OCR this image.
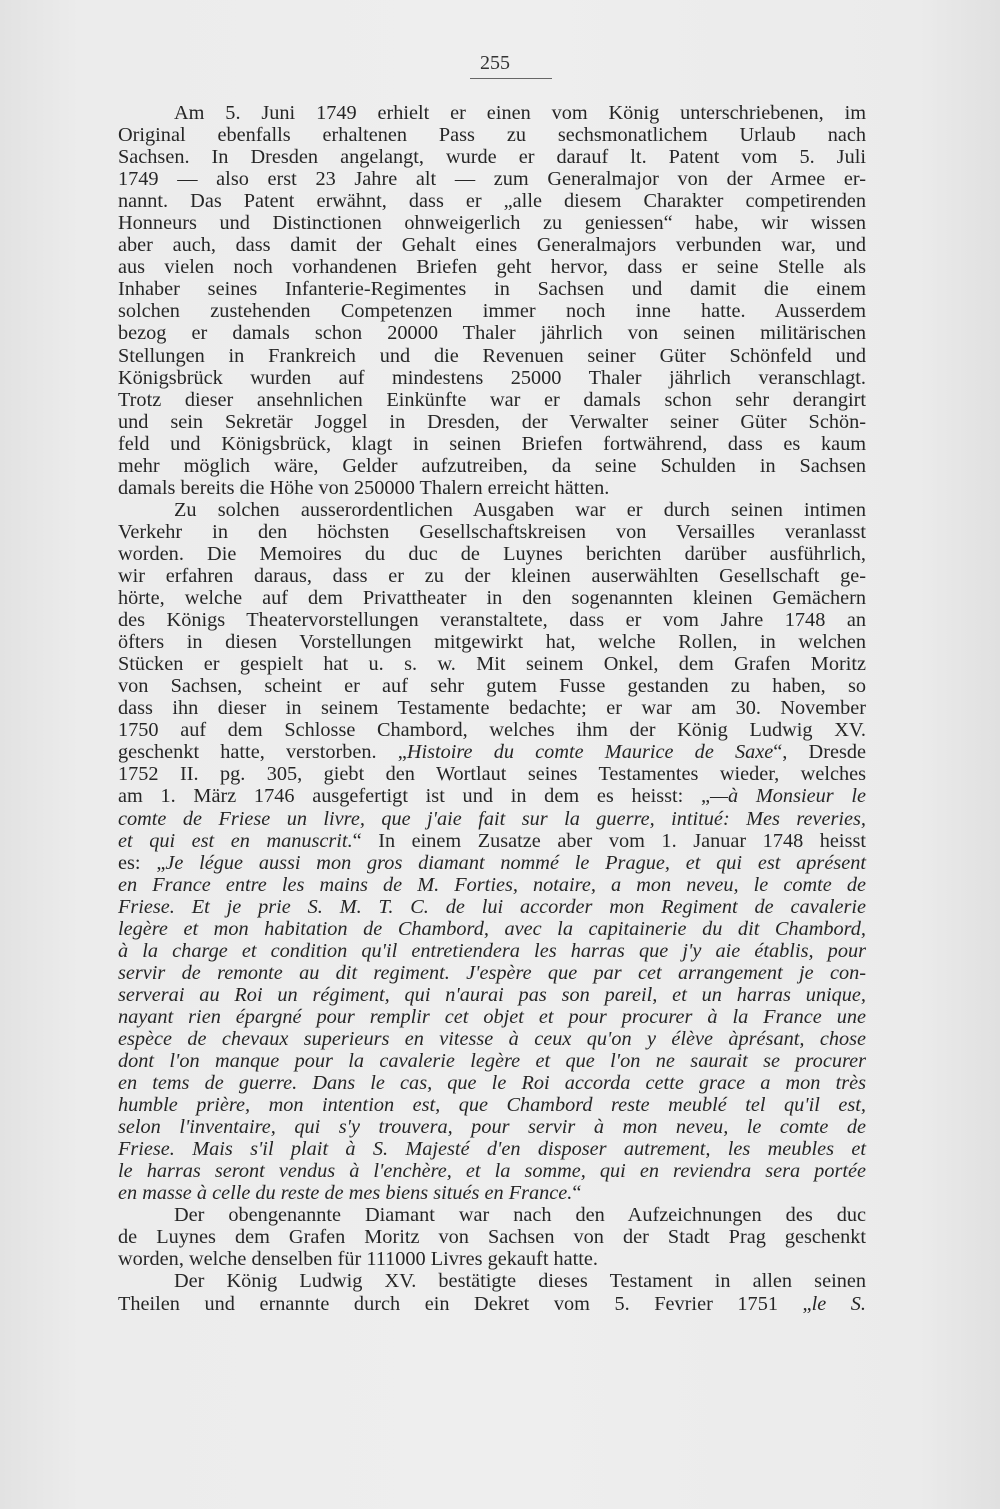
255
Am 5. Juni 1749 erhielt er einen vom König unterschriebenen, im
Original ebenfalls erhaltenen Pass zu sechsmonatlichem Urlaub nach
Sachsen. In Dresden angelangt, wurde er darauf lt. Patent vom 5. Juli
1749 — also erst 23 Jahre alt — zum Generalmajor von der Armee er-
nannt. Das Patent erwähnt, dass er „alle diesem Charakter competirenden
Honneurs und Distinctionen ohnweigerlich zu geniessen“ habe, wir wissen
aber auch, dass damit der Gehalt eines Generalmajors verbunden war, und
aus vielen noch vorhandenen Briefen geht hervor, dass er seine Stelle als
Inhaber seines Infanterie-Regimentes in Sachsen und damit die einem
solchen zustehenden Competenzen immer noch inne hatte. Ausserdem
bezog er damals schon 20000 Thaler jährlich von seinen militärischen
Stellungen in Frankreich und die Revenuen seiner Güter Schönfeld und
Königsbrück wurden auf mindestens 25000 Thaler jährlich veranschlagt.
Trotz dieser ansehnlichen Einkünfte war er damals schon sehr derangirt
und sein Sekretär Joggel in Dresden, der Verwalter seiner Güter Schön-
feld und Königsbrück, klagt in seinen Briefen fortwährend, dass es kaum
mehr möglich wäre, Gelder aufzutreiben, da seine Schulden in Sachsen
damals bereits die Höhe von 250000 Thalern erreicht hätten.
Zu solchen ausserordentlichen Ausgaben war er durch seinen intimen
Verkehr in den höchsten Gesellschaftskreisen von Versailles veranlasst
worden. Die Memoires du duc de Luynes berichten darüber ausführlich,
wir erfahren daraus, dass er zu der kleinen auserwählten Gesellschaft ge-
hörte, welche auf dem Privattheater in den sogenannten kleinen Gemächern
des Königs Theatervorstellungen veranstaltete, dass er vom Jahre 1748 an
öfters in diesen Vorstellungen mitgewirkt hat, welche Rollen, in welchen
Stücken er gespielt hat u. s. w. Mit seinem Onkel, dem Grafen Moritz
von Sachsen, scheint er auf sehr gutem Fusse gestanden zu haben, so
dass ihn dieser in seinem Testamente bedachte; er war am 30. November
1750 auf dem Schlosse Chambord, welches ihm der König Ludwig XV.
geschenkt hatte, verstorben. „Histoire du comte Maurice de Saxe“, Dresde
1752 II. pg. 305, giebt den Wortlaut seines Testamentes wieder, welches
am 1. März 1746 ausgefertigt ist und in dem es heisst: „—à Monsieur le
comte de Friese un livre, que j'aie fait sur la guerre, intitué: Mes reveries,
et qui est en manuscrit.“ In einem Zusatze aber vom 1. Januar 1748 heisst
es: „Je légue aussi mon gros diamant nommé le Prague, et qui est aprésent
en France entre les mains de M. Forties, notaire, a mon neveu, le comte de
Friese. Et je prie S. M. T. C. de lui accorder mon Regiment de cavalerie
legère et mon habitation de Chambord, avec la capitainerie du dit Chambord,
à la charge et condition qu'il entretiendera les harras que j'y aie établis, pour
servir de remonte au dit regiment. J'espère que par cet arrangement je con-
serverai au Roi un régiment, qui n'aurai pas son pareil, et un harras unique,
nayant rien épargné pour remplir cet objet et pour procurer à la France une
espèce de chevaux superieurs en vitesse à ceux qu'on y élève àprésant, chose
dont l'on manque pour la cavalerie legère et que l'on ne saurait se procurer
en tems de guerre. Dans le cas, que le Roi accorda cette grace a mon très
humble prière, mon intention est, que Chambord reste meublé tel qu'il est,
selon l'inventaire, qui s'y trouvera, pour servir à mon neveu, le comte de
Friese. Mais s'il plait à S. Majesté d'en disposer autrement, les meubles et
le harras seront vendus à l'enchère, et la somme, qui en reviendra sera portée
en masse à celle du reste de mes biens situés en France.“
Der obengenannte Diamant war nach den Aufzeichnungen des duc
de Luynes dem Grafen Moritz von Sachsen von der Stadt Prag geschenkt
worden, welche denselben für 111000 Livres gekauft hatte.
Der König Ludwig XV. bestätigte dieses Testament in allen seinen
Theilen und ernannte durch ein Dekret vom 5. Fevrier 1751 „le S.
